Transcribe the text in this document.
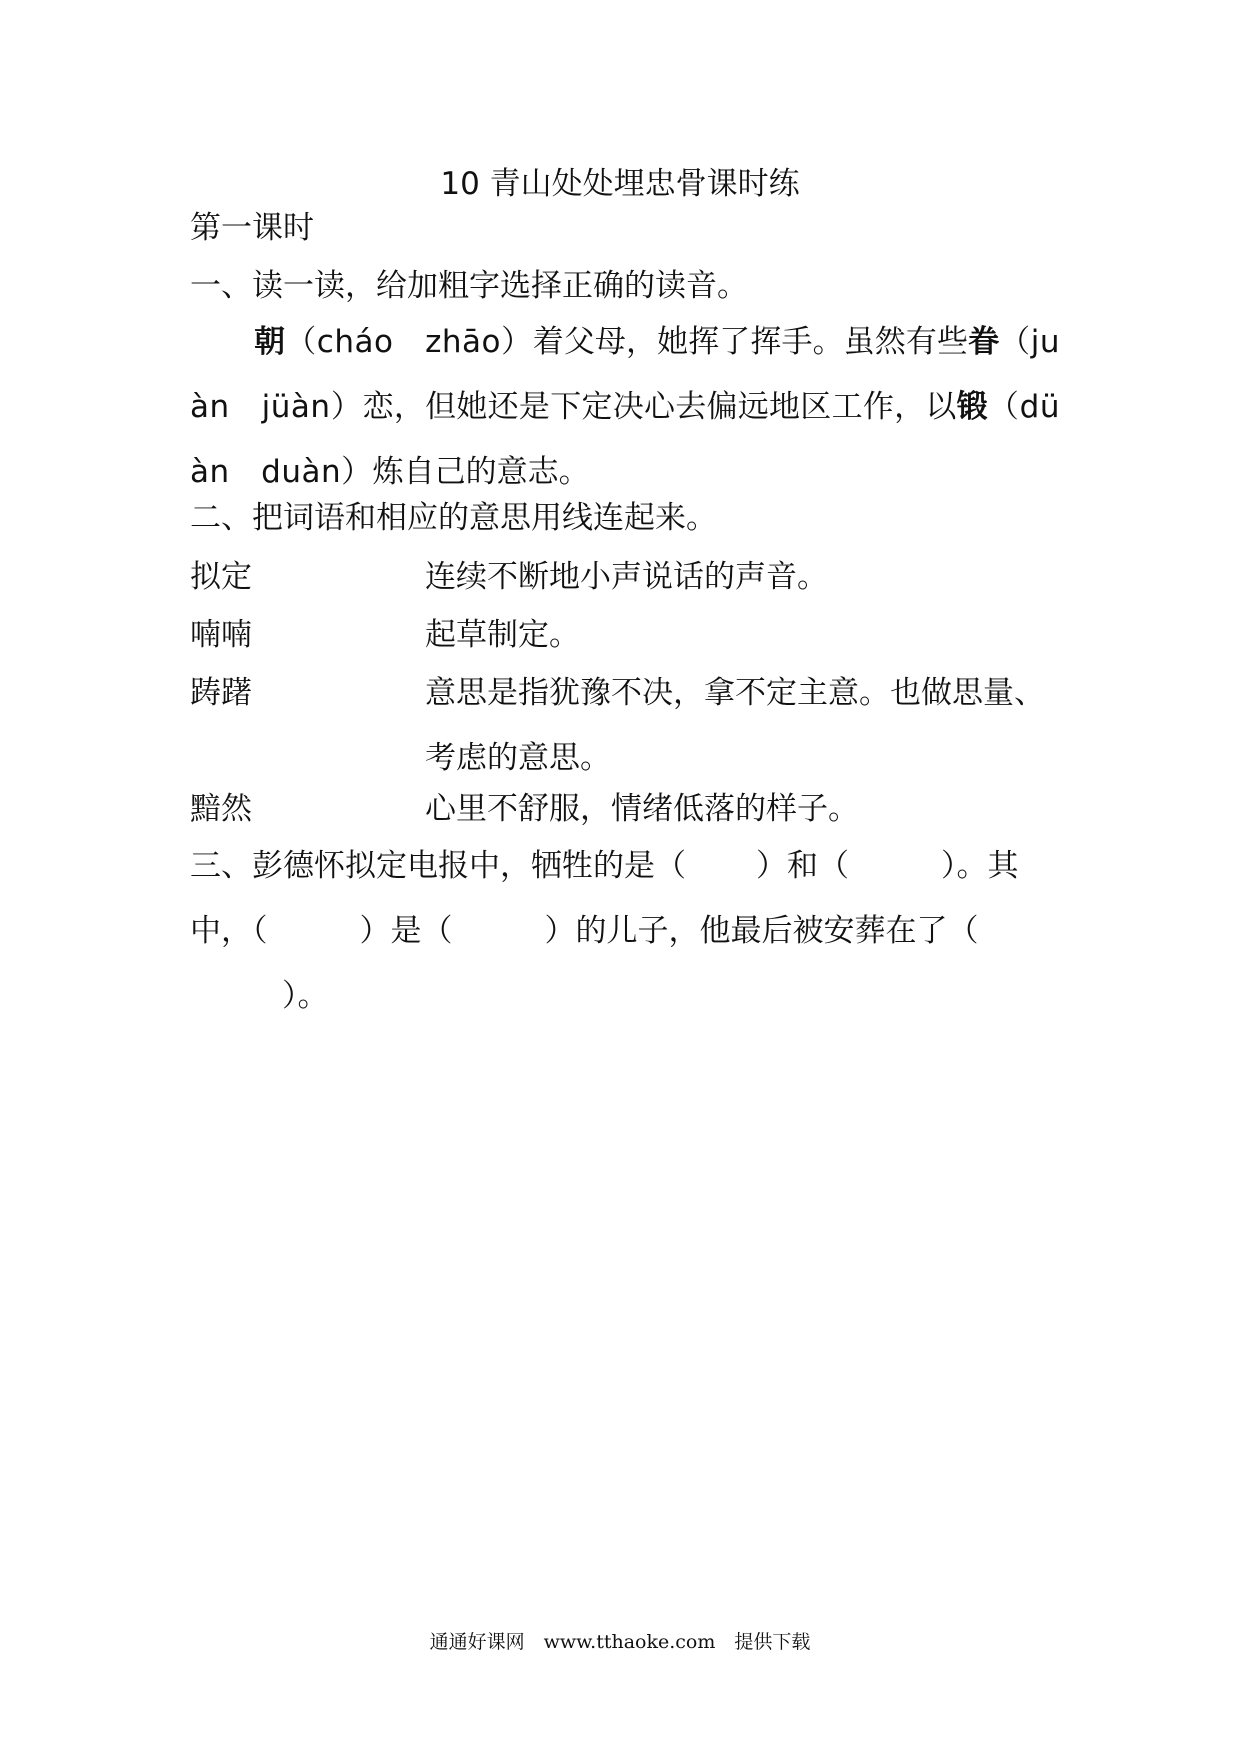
10 青山处处埋忠骨课时练
第一课时
一、读一读，给加粗字选择正确的读音。
朝（cháo　zhāo）着父母，她挥了挥手。虽然有些眷（juàn　jüàn）恋，但她还是下定决心去偏远地区工作，以锻（düàn　duàn）炼自己的意志。
二、把词语和相应的意思用线连起来。
拟定	连续不断地小声说话的声音。
喃喃	起草制定。
踌躇	意思是指犹豫不决，拿不定主意。也做思量、考虑的意思。
黯然	心里不舒服，情绪低落的样子。
三、彭德怀拟定电报中，牺牲的是（ ）和（	）。其中，（	）是（	）的儿子，他最后被安葬在了（）。
通通好课网　www.tthaoke.com　提供下载
